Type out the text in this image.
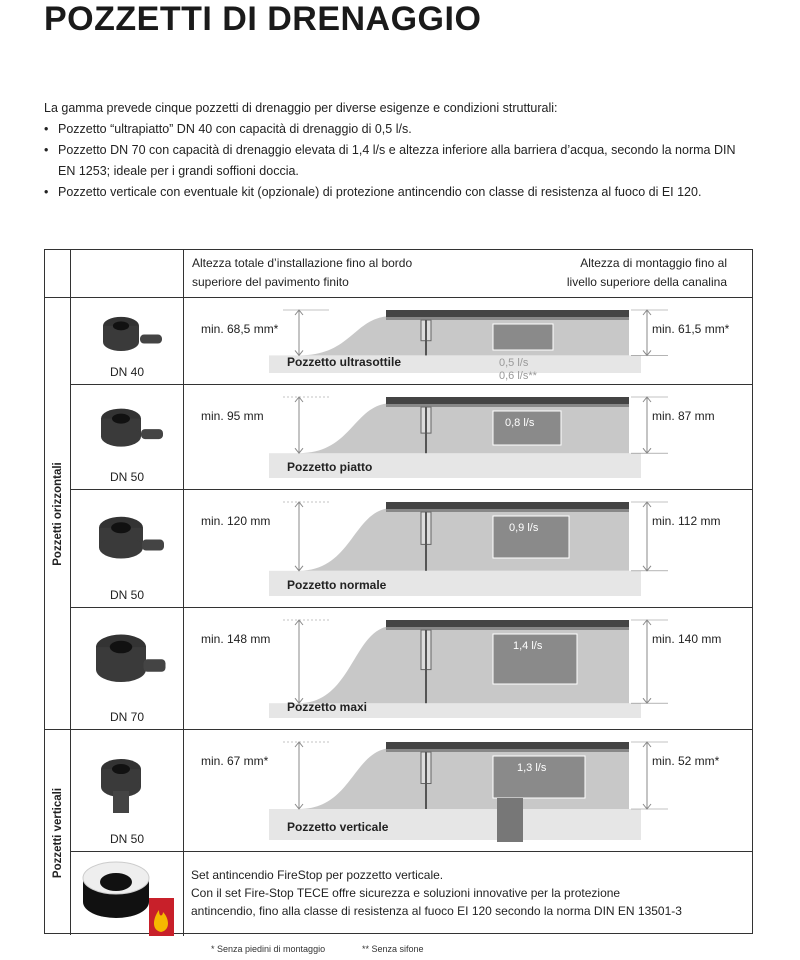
POZZETTI DI DRENAGGIO
La gamma prevede cinque pozzetti di drenaggio per diverse esigenze e condizioni strutturali:
• Pozzetto “ultrapiatto” DN 40 con capacità di drenaggio di 0,5 l/s.
• Pozzetto DN 70 con capacità di drenaggio elevata di 1,4 l/s e altezza inferiore alla barriera d’acqua, secondo la norma DIN EN 1253; ideale per i grandi soffioni doccia.
• Pozzetto verticale con eventuale kit (opzionale) di protezione antincendio con classe di resistenza al fuoco di EI 120.
Pozzetti orizzontali
Pozzetti verticali
Altezza totale d’installazione fino al bordo superiore del pavimento finito
Altezza di montaggio fino al livello superiore della canalina
DN 40
min. 68,5 mm*	min. 61,5 mm*
Pozzetto ultrasottile	0,5 l/s
0,6 l/s**
DN 50
min. 95 mm	min. 87 mm
Pozzetto piatto
0,8 l/s
DN 50
min. 120 mm	min. 112 mm
Pozzetto normale
0,9 l/s
DN 70
min. 148 mm	min. 140 mm
Pozzetto maxi
1,4 l/s
DN 50
min. 67 mm*	min. 52 mm*
Pozzetto verticale
1,3 l/s
Set antincendio FireStop per pozzetto verticale.
Con il set Fire-Stop TECE offre sicurezza e soluzioni innovative per la protezione
antincendio, fino alla classe di resistenza al fuoco EI 120 secondo la norma DIN EN 13501-3
* Senza piedini di montaggio	** Senza sifone
